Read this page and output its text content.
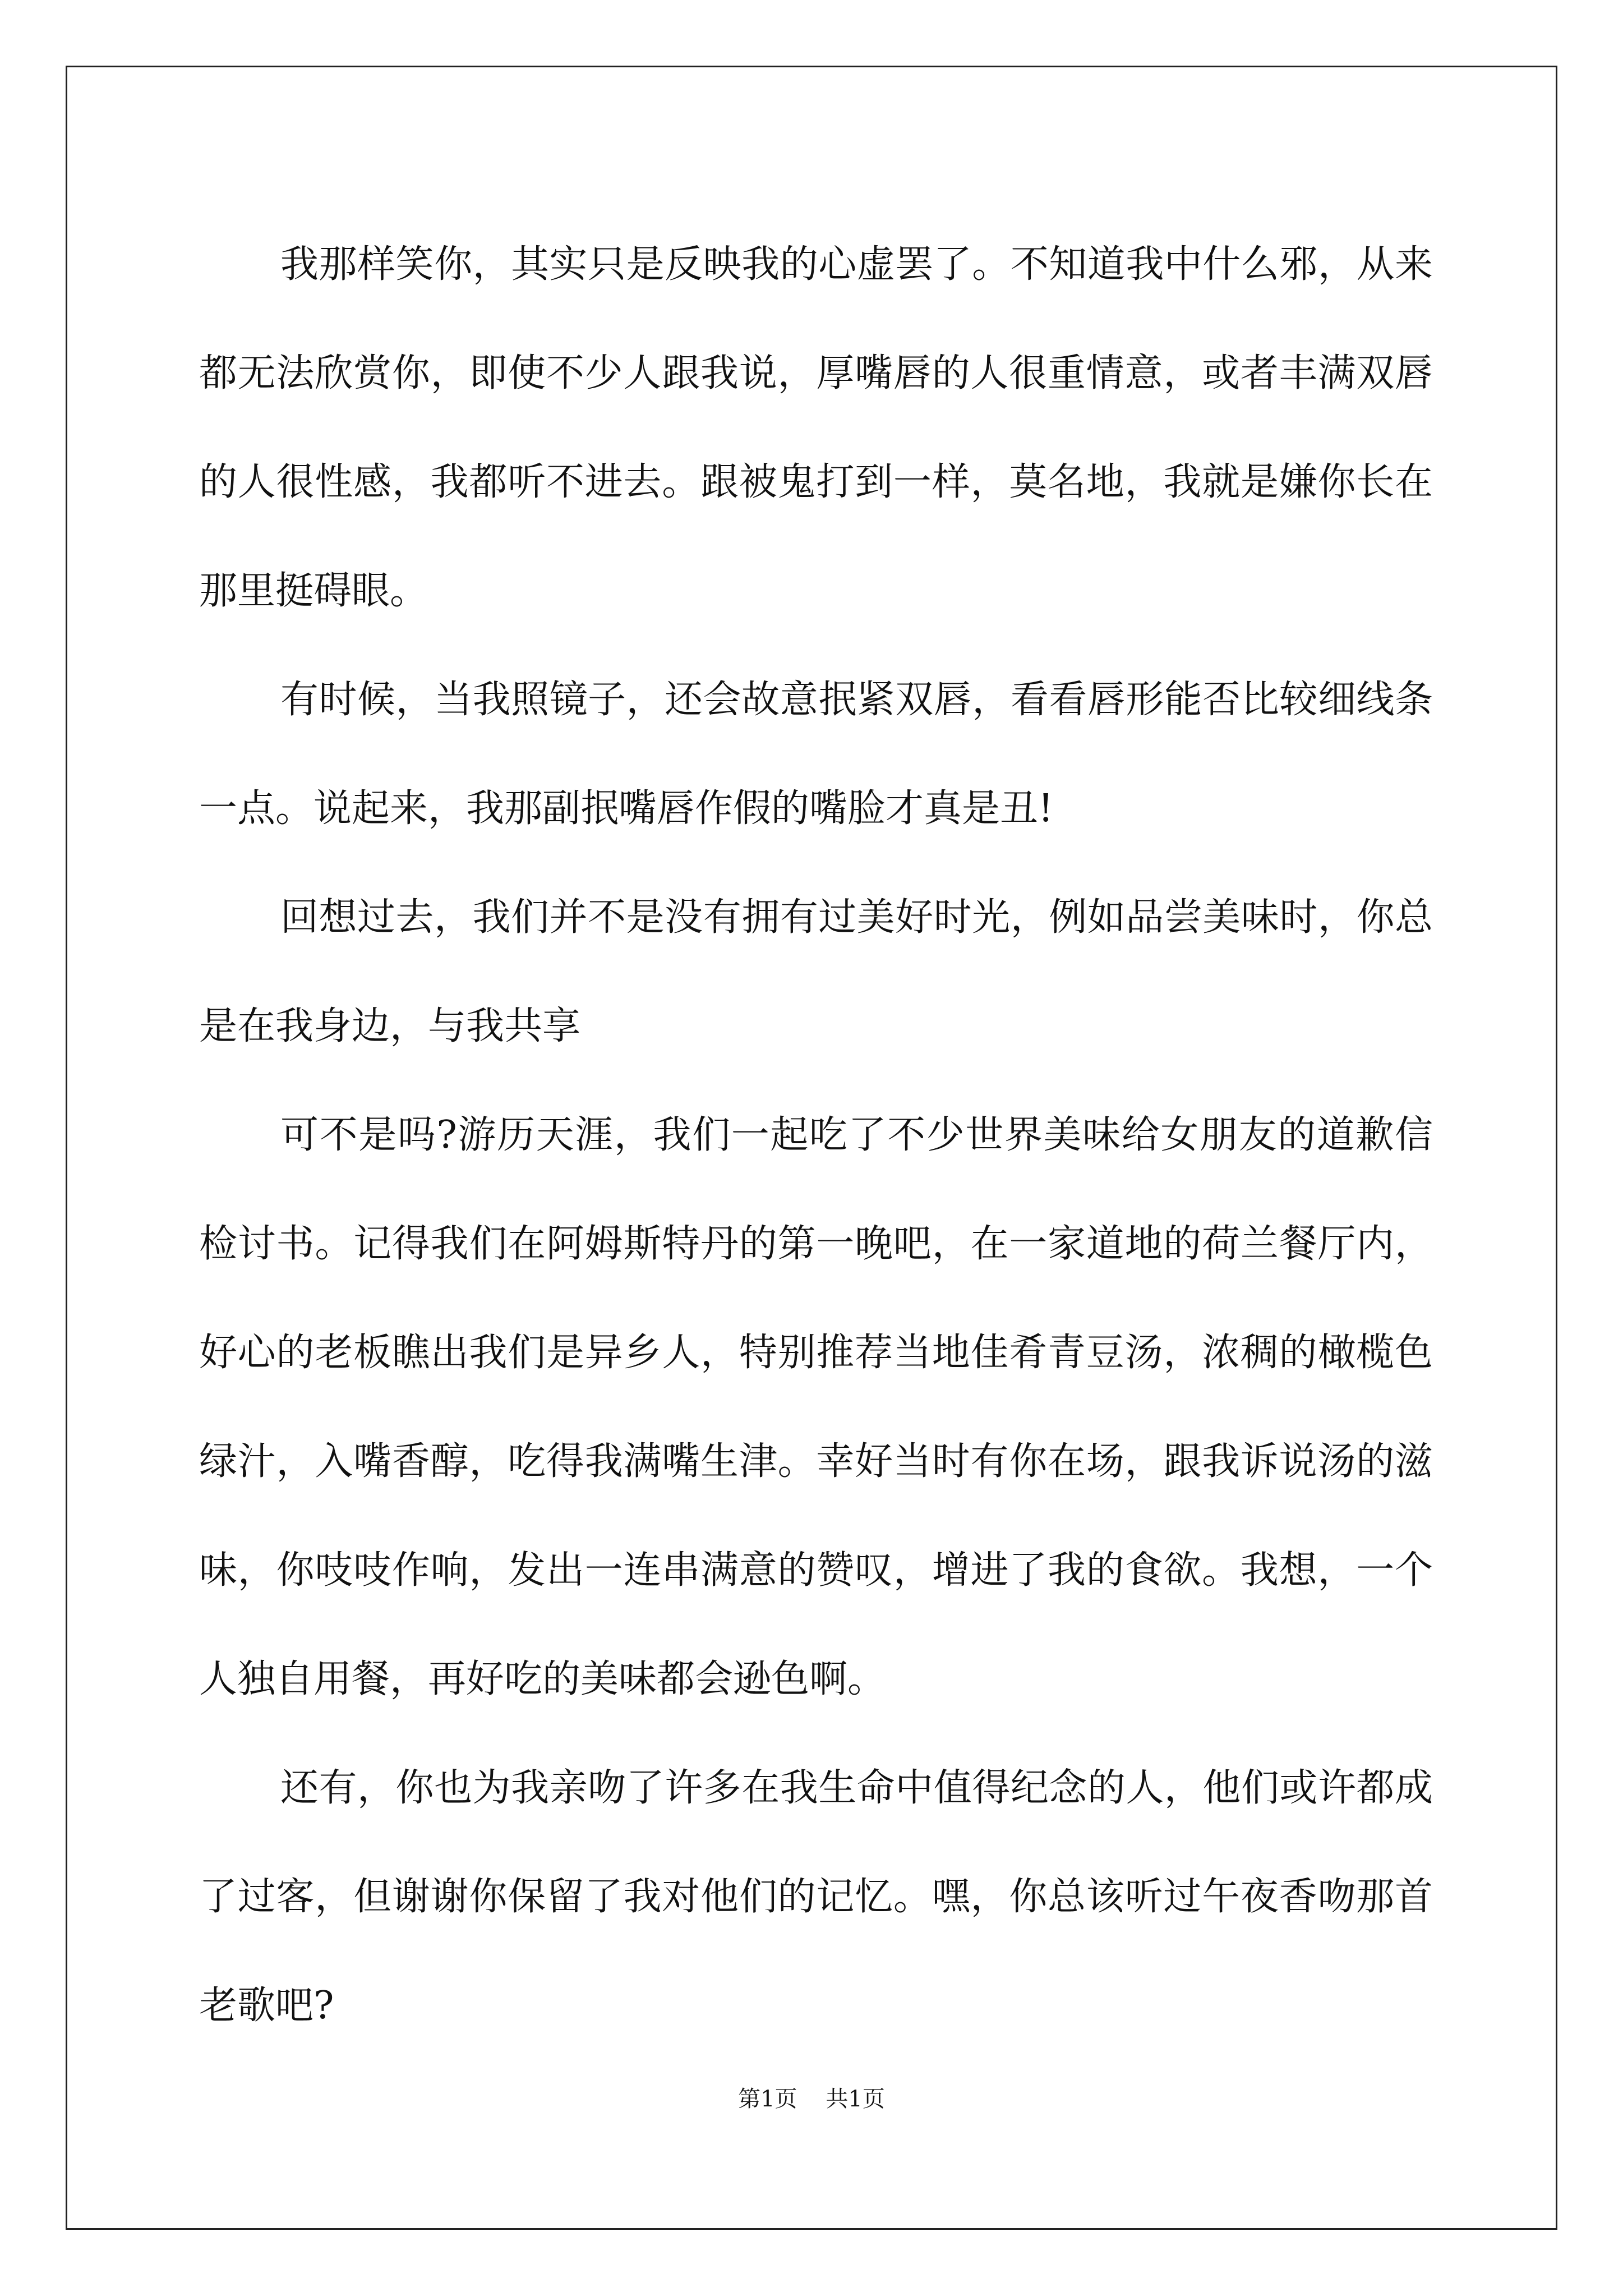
我那样笑你，其实只是反映我的心虚罢了。不知道我中什么邪，从来都无法欣赏你，即使不少人跟我说，厚嘴唇的人很重情意，或者丰满双唇的人很性感，我都听不进去。跟被鬼打到一样，莫名地，我就是嫌你长在那里挺碍眼。

有时候，当我照镜子，还会故意抿紧双唇，看看唇形能否比较细线条一点。说起来，我那副抿嘴唇作假的嘴脸才真是丑!

回想过去，我们并不是没有拥有过美好时光，例如品尝美味时，你总是在我身边，与我共享

可不是吗?游历天涯，我们一起吃了不少世界美味给女朋友的道歉信检讨书。记得我们在阿姆斯特丹的第一晚吧，在一家道地的荷兰餐厅内，好心的老板瞧出我们是异乡人，特别推荐当地佳肴青豆汤，浓稠的橄榄色绿汁，入嘴香醇，吃得我满嘴生津。幸好当时有你在场，跟我诉说汤的滋味，你吱吱作响，发出一连串满意的赞叹，增进了我的食欲。我想，一个人独自用餐，再好吃的美味都会逊色啊。

还有，你也为我亲吻了许多在我生命中值得纪念的人，他们或许都成了过客，但谢谢你保留了我对他们的记忆。嘿，你总该听过午夜香吻那首老歌吧?

第1页 共1页
